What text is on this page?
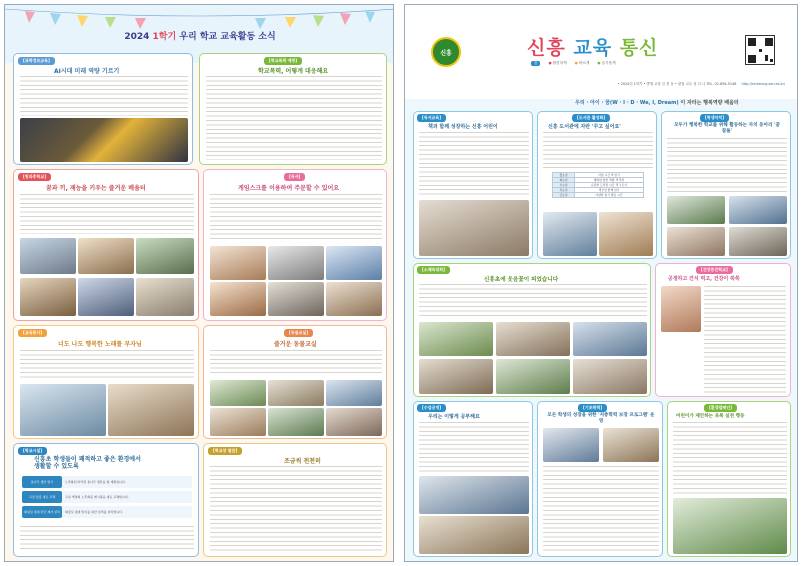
2024 1학기 우리 학교 교육활동 소식
[과학정보교육]
AI시대 미래 역량 기르기
[학교폭력 예방]
학교폭력, 어떻게 대응해요
[방과후학교]
꿈과 끼, 재능을 키우는 즐거운 배움터
[독서]
게임스크를 이용하여 주문할 수 있어요
[교육봉사]
너도 나도 행복한 노래를 부자님
[동물교실]
즐거운 동물교실
[학교시설]
신흥초 학생들이 쾌적하고 좋은 환경에서 생활할 수 있도록
통나무 생산 할기	노후화된 바닥면 통나무 생산을 할 계획입니다.
교실 힐링 새로 교체	교실 벽면의 노후화된 게시판을 새로 교체합니다.
화장실 냄새 차단 제거 설치	화장실 냄새 방지를 위한 설비를 설치합니다.
[학교장 말씀]
조금씩 천천히
신흥	신흥 교육 통신
꿈	● 환한하게 ● 바르게 ● 슬기롭게
• 2024년 1학기 • 발행 교장 김 용 동 • 편집 교무 성 디 나 TEL. 02-894-5148 http://sinheung.sen.es.kr/
우리 · 아이 · 꿈(W · I · D · We, I, Dream) 이 자라는 행복역량 배움터
[독서교육]
책과 함께 성장하는 신흥 어린이
[도서관 활성화]
신흥 도서관에 자란 '꾸고 싶어요'
월요일	아침 시간 책 읽기
화요일	행복한 알찬 책방 책 추천
수요일	순감한 도서관 시간 책 고르기
목요일	책모임 함께 읽기
금요일	다양한 읽기 발표 시간
[학생자치]
모두가 행복한 학교를 위해 활동하는 자치 동아리 '꿈꿀돌'
[소체육대회]
신흥초에 웃음꽃이 피었습니다
[건강증진학교]
공정하고 건식 먹고, 건강이 쑥쑥
[수업공개]
우리는 이렇게 공부해요
[기초학력]
모든 학생의 성장을 위한 '저층학력 보장 프로그램' 운영
[환경캠페인]
어린이가 제안하는 초록 실천 행동
